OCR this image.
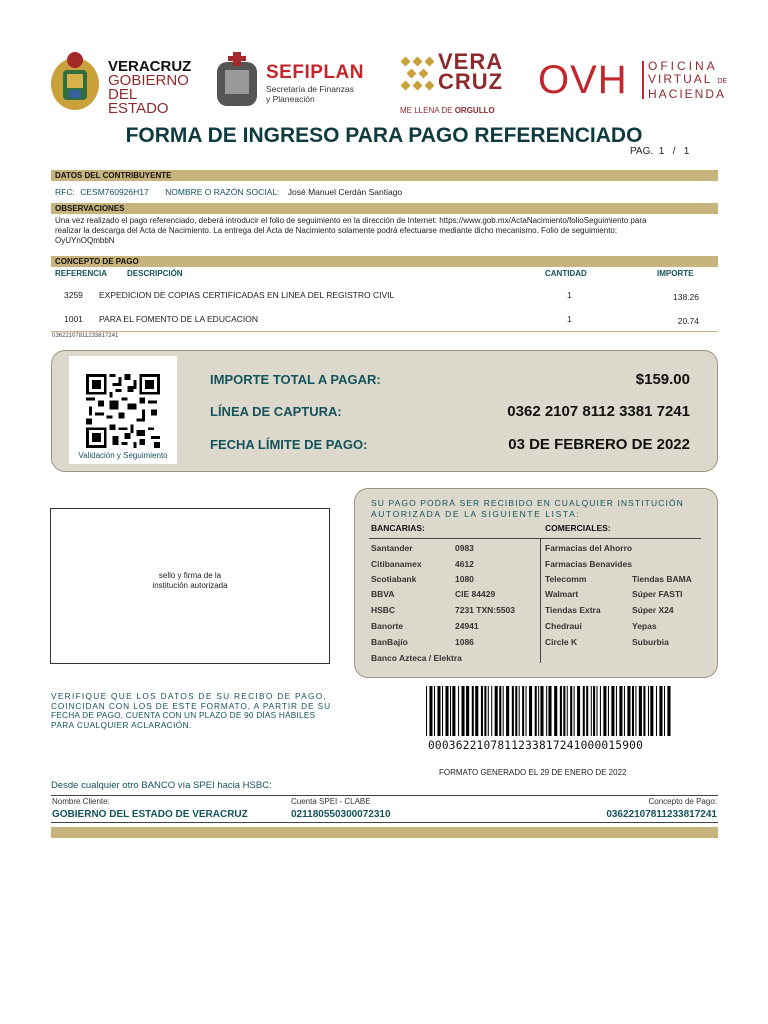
VERACRUZ
GOBIERNO
DEL ESTADO
SEFIPLAN
Secretaría de Finanzas
y Planeación
VERA
CRUZ
ME LLENA DE ORGULLO
OVH OFICINA
VIRTUAL DE
HACIENDA
FORMA DE INGRESO PARA PAGO REFERENCIADO
PAG. 1 / 1
DATOS DEL CONTRIBUYENTE
RFC: CESM760926H17 NOMBRE O RAZÓN SOCIAL: José Manuel Cerdán Santiago
OBSERVACIONES
Una vez realizado el pago referenciado, deberá introducir el folio de seguimiento en la dirección de Internet: https://www.gob.mx/ActaNacimiento/folioSeguimiento para
realizar la descarga del Acta de Nacimiento. La entrega del Acta de Nacimiento solamente podrá efectuarse mediante dicho mecanismo. Folio de seguimiento:
OyUYnOQmbbN
CONCEPTO DE PAGO
REFERENCIA DESCRIPCIÓN	CANTIDAD	IMPORTE
3259 EXPEDICION DE COPIAS CERTIFICADAS EN LINEA DEL REGISTRO CIVIL	1	138.26
1001 PARA EL FOMENTO DE LA EDUCACION	1	20.74
03622107811233817241
Validación y Seguimiento
IMPORTE TOTAL A PAGAR:	$159.00
LÍNEA DE CAPTURA:	0362 2107 8112 3381 7241
FECHA LÍMITE DE PAGO:	03 DE FEBRERO DE 2022
sello y firma de la
institución autorizada
SU PAGO PODRÁ SER RECIBIDO EN CUALQUIER INSTITUCIÓN
AUTORIZADA DE LA SIGUIENTE LISTA:
BANCARIAS:	COMERCIALES:
Santander	0983
Citibanamex	4612
Scotiabank	1080
BBVA	CIE 84429
HSBC	7231 TXN:5503
Banorte	24941
BanBajío	1086
Banco Azteca / Elektra
Farmacias del Ahorro
Farmacias Benavides
Telecomm	Tiendas BAMA
Walmart	Súper FASTI
Tiendas Extra	Súper X24
Chedraui	Yepas
Circle K	Suburbia
VERIFIQUE QUE LOS DATOS DE SU RECIBO DE PAGO,
COINCIDAN CON LOS DE ESTE FORMATO, A PARTIR DE SU
FECHA DE PAGO, CUENTA CON UN PLAZO DE 90 DÍAS HÁBILES
PARA CUALQUIER ACLARACIÓN.
0003622107811233817241000015900
FORMATO GENERADO EL 29 DE ENERO DE 2022
Desde cualquier otro BANCO vía SPEI hacia HSBC:
Nombre Cliente:	Cuenta SPEI - CLABE	Concepto de Pago:
GOBIERNO DEL ESTADO DE VERACRUZ	021180550300072310	03622107811233817241
